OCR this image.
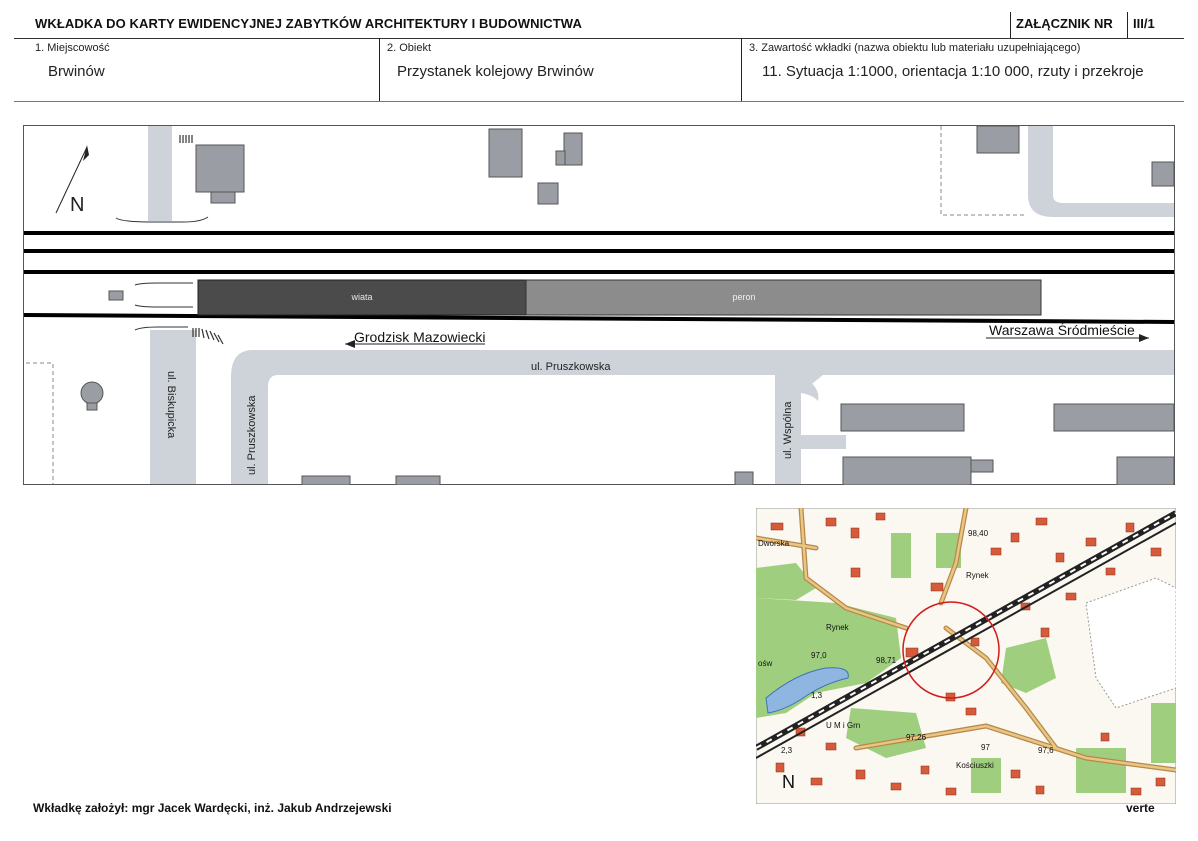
WKŁADKA DO KARTY EWIDENCYJNEJ ZABYTKÓW ARCHITEKTURY I BUDOWNICTWA	ZAŁĄCZNIK NR III/1
1. Miejscowość
Brwinów
2. Obiekt
Przystanek kolejowy Brwinów
3. Zawartość wkładki (nazwa obiektu lub materiału uzupełniającego)
11. Sytuacja 1:1000, orientacja 1:10 000, rzuty i przekroje
wiata	peron
N
Grodzisk Mazowiecki	Warszawa Śródmieście
ul. Pruszkowska
ul. Biskupicka	ul. Pruszkowska	ul. Wspólna
98,40
Dworska
Rynek
Rynek
97,0
98,71
ośw
1,3
U M i Grn
97,26
2,3	97	97,6
Kościuszki
N
Wkładkę założył: mgr Jacek Wardęcki, inż. Jakub Andrzejewski	verte
